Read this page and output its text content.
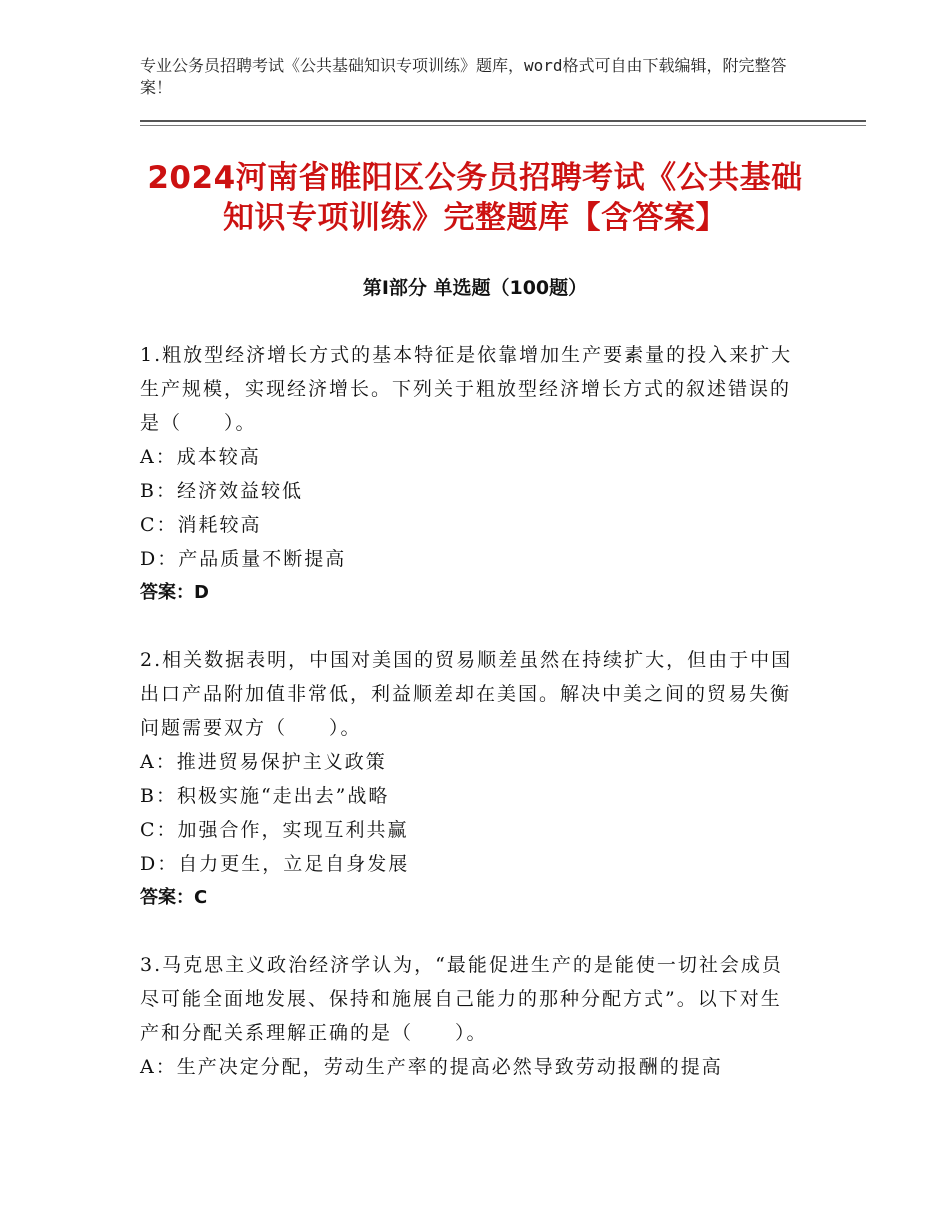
专业公务员招聘考试《公共基础知识专项训练》题库，word格式可自由下载编辑，附完整答案！
2024河南省睢阳区公务员招聘考试《公共基础知识专项训练》完整题库【含答案】
第Ⅰ部分 单选题（100题）

1.粗放型经济增长方式的基本特征是依靠增加生产要素量的投入来扩大生产规模，实现经济增长。下列关于粗放型经济增长方式的叙述错误的是（　　）。

A：成本较高

B：经济效益较低

C：消耗较高

D：产品质量不断提高

答案：D

2.相关数据表明，中国对美国的贸易顺差虽然在持续扩大，但由于中国出口产品附加值非常低，利益顺差却在美国。解决中美之间的贸易失衡问题需要双方（　　）。

A：推进贸易保护主义政策

B：积极实施“走出去”战略

C：加强合作，实现互利共赢

D：自力更生，立足自身发展

答案：C

3.马克思主义政治经济学认为，“最能促进生产的是能使一切社会成员尽可能全面地发展、保持和施展自己能力的那种分配方式”。以下对生产和分配关系理解正确的是（　　）。

A：生产决定分配，劳动生产率的提高必然导致劳动报酬的提高
